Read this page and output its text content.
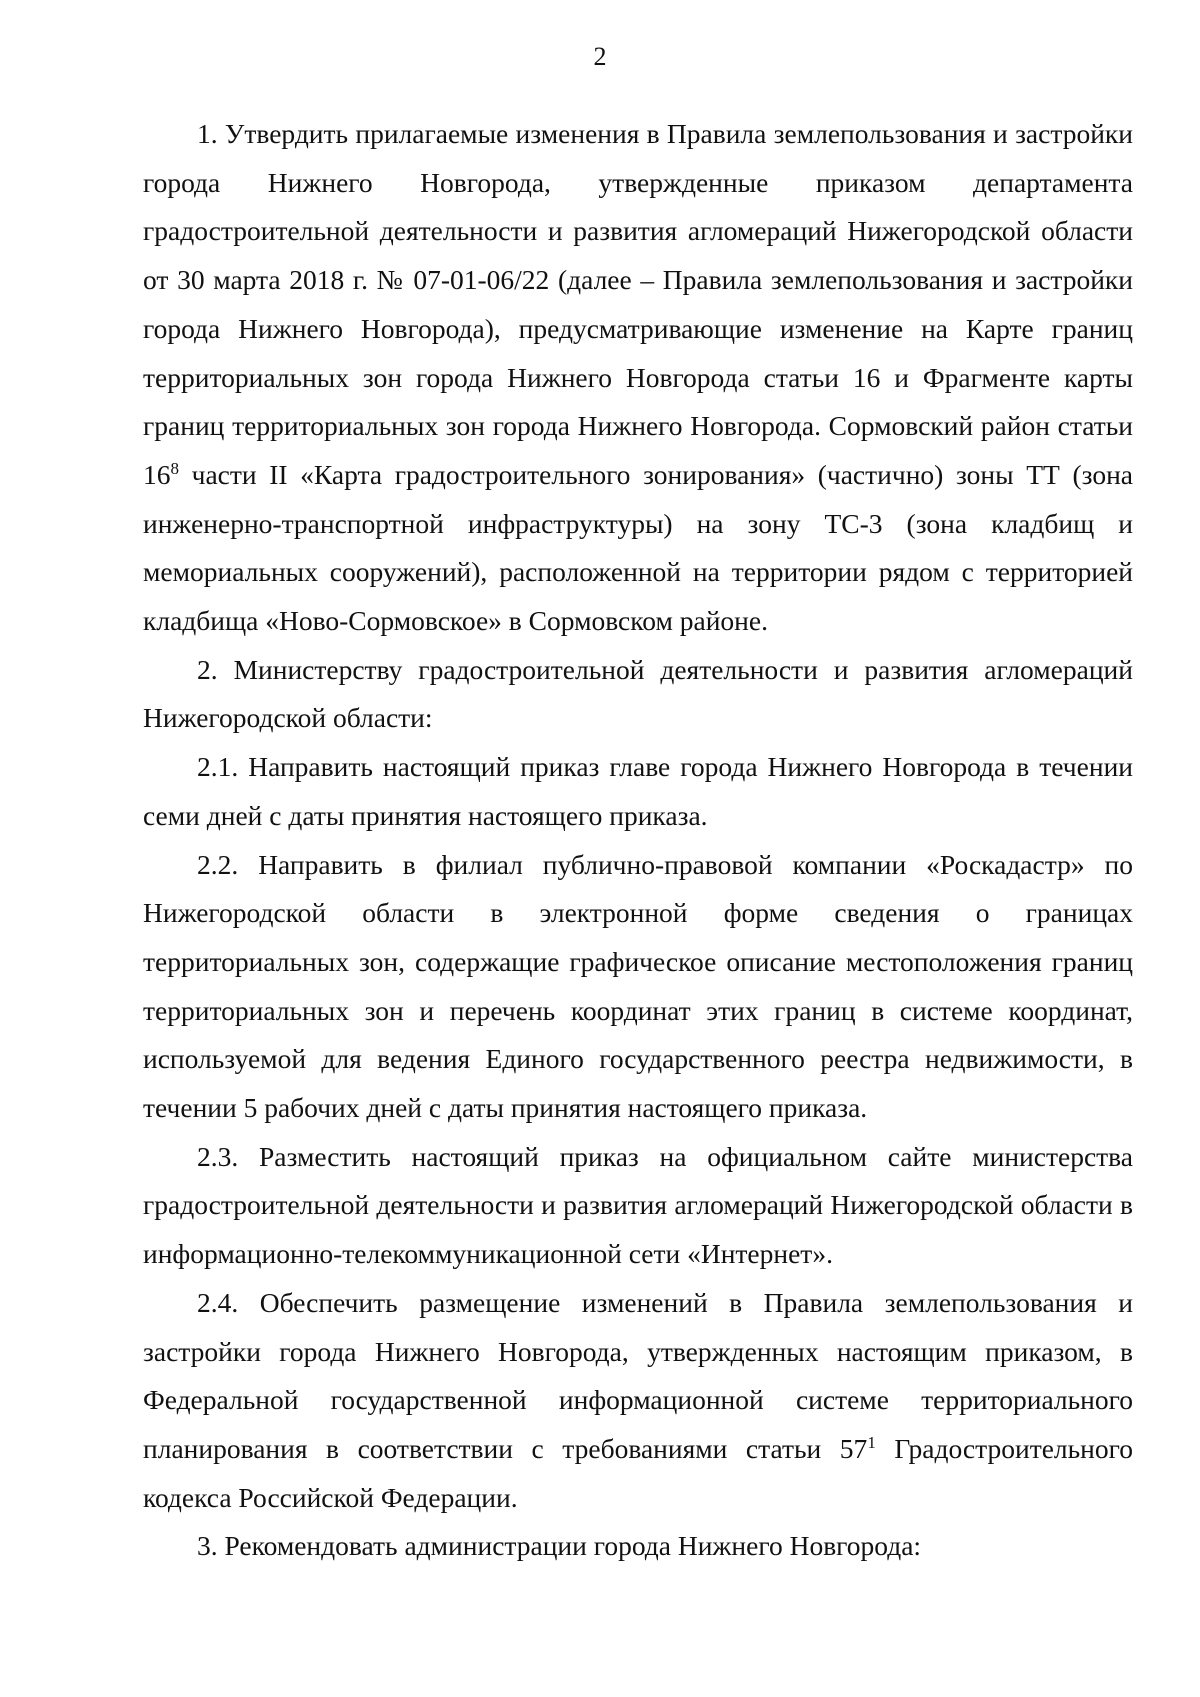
2

1. Утвердить прилагаемые изменения в Правила землепользования и застройки города Нижнего Новгорода, утвержденные приказом департамента градостроительной деятельности и развития агломераций Нижегородской области от 30 марта 2018 г. № 07-01-06/22 (далее – Правила землепользования и застройки города Нижнего Новгорода), предусматривающие изменение на Карте границ территориальных зон города Нижнего Новгорода статьи 16 и Фрагменте карты границ территориальных зон города Нижнего Новгорода. Сормовский район статьи $16^8$ части II «Карта градостроительного зонирования» (частично) зоны ТТ (зона инженерно-транспортной инфраструктуры) на зону ТС-3 (зона кладбищ и мемориальных сооружений), расположенной на территории рядом с территорией кладбища «Ново-Сормовское» в Сормовском районе.

2. Министерству градостроительной деятельности и развития агломераций Нижегородской области:

2.1. Направить настоящий приказ главе города Нижнего Новгорода в течении семи дней с даты принятия настоящего приказа.

2.2. Направить в филиал публично-правовой компании «Роскадастр» по Нижегородской области в электронной форме сведения о границах территориальных зон, содержащие графическое описание местоположения границ территориальных зон и перечень координат этих границ в системе координат, используемой для ведения Единого государственного реестра недвижимости, в течении 5 рабочих дней с даты принятия настоящего приказа.

2.3. Разместить настоящий приказ на официальном сайте министерства градостроительной деятельности и развития агломераций Нижегородской области в информационно-телекоммуникационной сети «Интернет».

2.4. Обеспечить размещение изменений в Правила землепользования и застройки города Нижнего Новгорода, утвержденных настоящим приказом, в Федеральной государственной информационной системе территориального планирования в соответствии с требованиями статьи $57^1$ Градостроительного кодекса Российской Федерации.

3. Рекомендовать администрации города Нижнего Новгорода:
